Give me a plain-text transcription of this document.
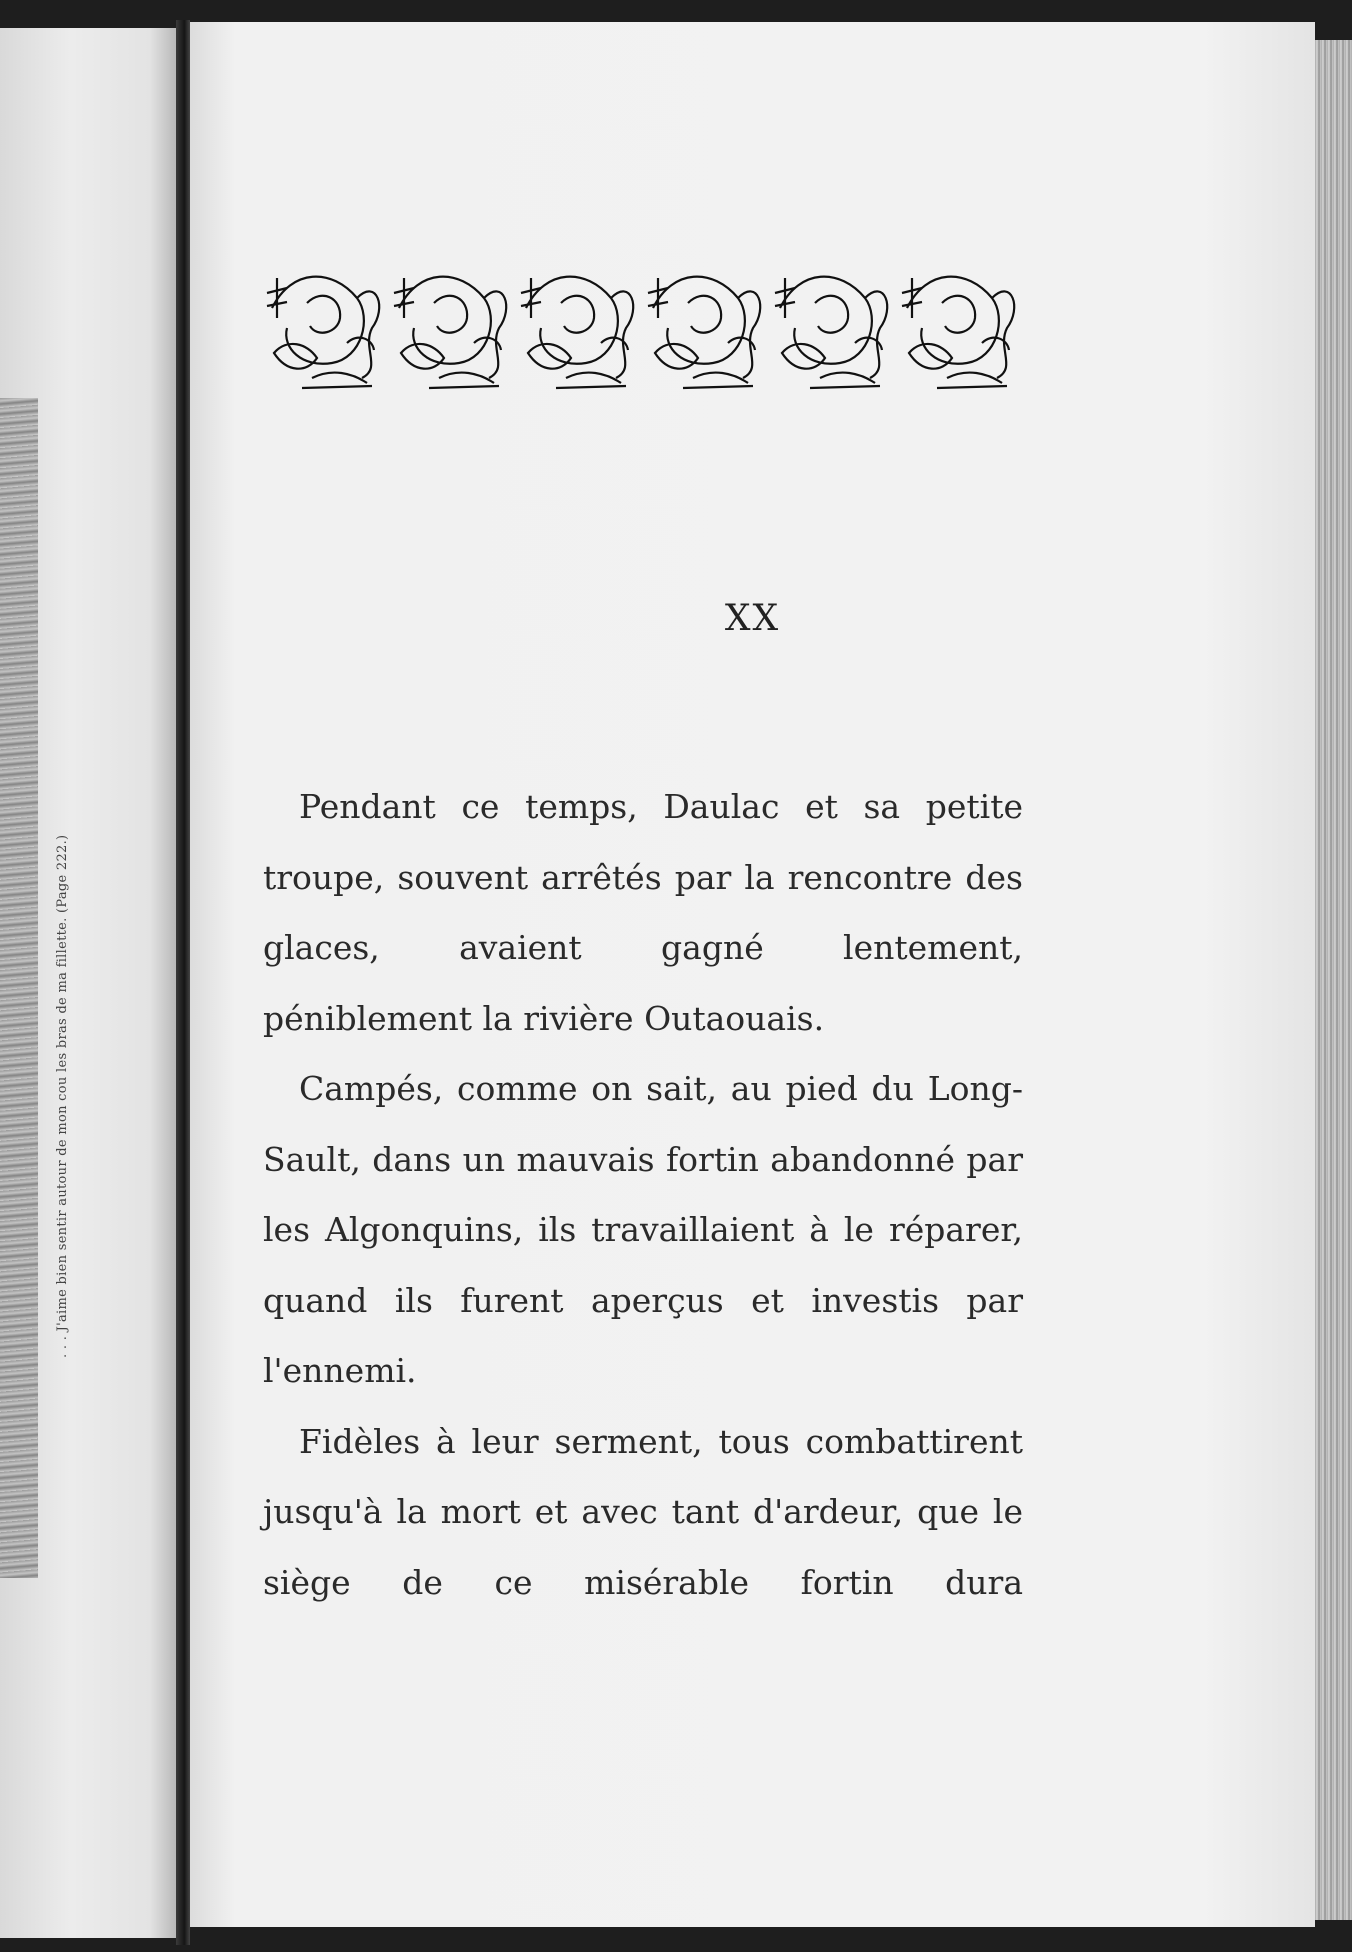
. . . J'aime bien sentir autour de mon cou les bras de ma fillette. (Page 222.)
XX

Pendant ce temps, Daulac et sa petite troupe, souvent arrêtés par la rencontre des glaces, avaient gagné lentement, péniblement la rivière Outaouais.

Campés, comme on sait, au pied du Long-Sault, dans un mauvais fortin abandonné par les Algonquins, ils travaillaient à le réparer, quand ils furent aperçus et investis par l'ennemi.

Fidèles à leur serment, tous combattirent jusqu'à la mort et avec tant d'ardeur, que le siège de ce misérable fortin dura
